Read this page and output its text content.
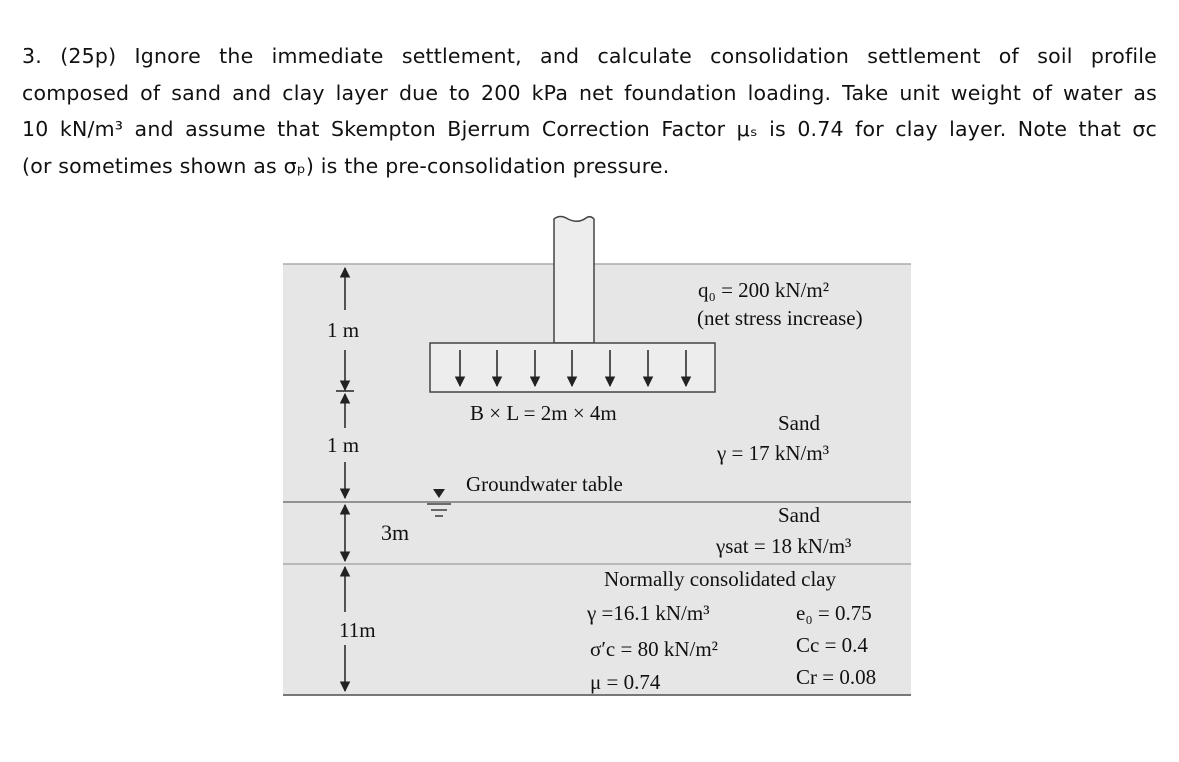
3. (25p) Ignore the immediate settlement, and calculate consolidation settlement of soil profile
composed of sand and clay layer due to 200 kPa net foundation loading. Take unit weight of water as
10 kN/m³ and assume that Skempton Bjerrum Correction Factor μₛ is 0.74 for clay layer. Note that σᴄ
(or sometimes shown as σₚ) is the pre-consolidation pressure.
q₀ = 200 kN/m²
(net stress increase)
B × L = 2m × 4m
Groundwater table
1 m
1 m
3m
11m
Sand
γ = 17 kN/m³
Sand
γsat = 18 kN/m³
Normally consolidated clay
γ =16.1 kN/m³
σ′c = 80 kN/m²
μ = 0.74
e₀ = 0.75
Cc = 0.4
Cr = 0.08
